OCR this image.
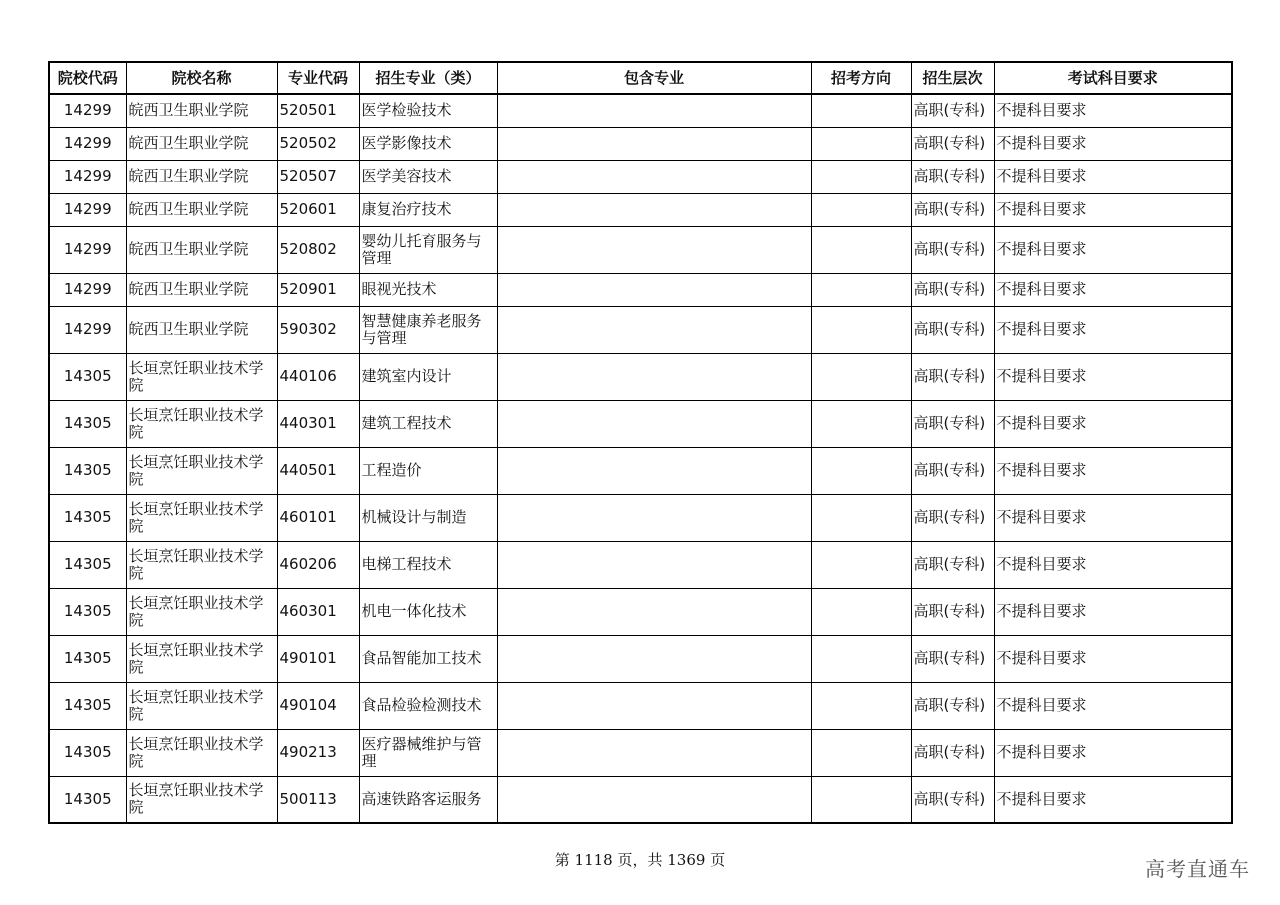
院校代码	院校名称	专业代码	招生专业（类）	包含专业	招考方向	招生层次	考试科目要求
14299	皖西卫生职业学院	520501	医学检验技术			高职(专科)	不提科目要求
14299	皖西卫生职业学院	520502	医学影像技术			高职(专科)	不提科目要求
14299	皖西卫生职业学院	520507	医学美容技术			高职(专科)	不提科目要求
14299	皖西卫生职业学院	520601	康复治疗技术			高职(专科)	不提科目要求
14299	皖西卫生职业学院	520802	婴幼儿托育服务与管理			高职(专科)	不提科目要求
14299	皖西卫生职业学院	520901	眼视光技术			高职(专科)	不提科目要求
14299	皖西卫生职业学院	590302	智慧健康养老服务与管理			高职(专科)	不提科目要求
14305	长垣烹饪职业技术学院	440106	建筑室内设计			高职(专科)	不提科目要求
14305	长垣烹饪职业技术学院	440301	建筑工程技术			高职(专科)	不提科目要求
14305	长垣烹饪职业技术学院	440501	工程造价			高职(专科)	不提科目要求
14305	长垣烹饪职业技术学院	460101	机械设计与制造			高职(专科)	不提科目要求
14305	长垣烹饪职业技术学院	460206	电梯工程技术			高职(专科)	不提科目要求
14305	长垣烹饪职业技术学院	460301	机电一体化技术			高职(专科)	不提科目要求
14305	长垣烹饪职业技术学院	490101	食品智能加工技术			高职(专科)	不提科目要求
14305	长垣烹饪职业技术学院	490104	食品检验检测技术			高职(专科)	不提科目要求
14305	长垣烹饪职业技术学院	490213	医疗器械维护与管理			高职(专科)	不提科目要求
14305	长垣烹饪职业技术学院	500113	高速铁路客运服务			高职(专科)	不提科目要求
第 1118 页，共 1369 页	高考直通车
